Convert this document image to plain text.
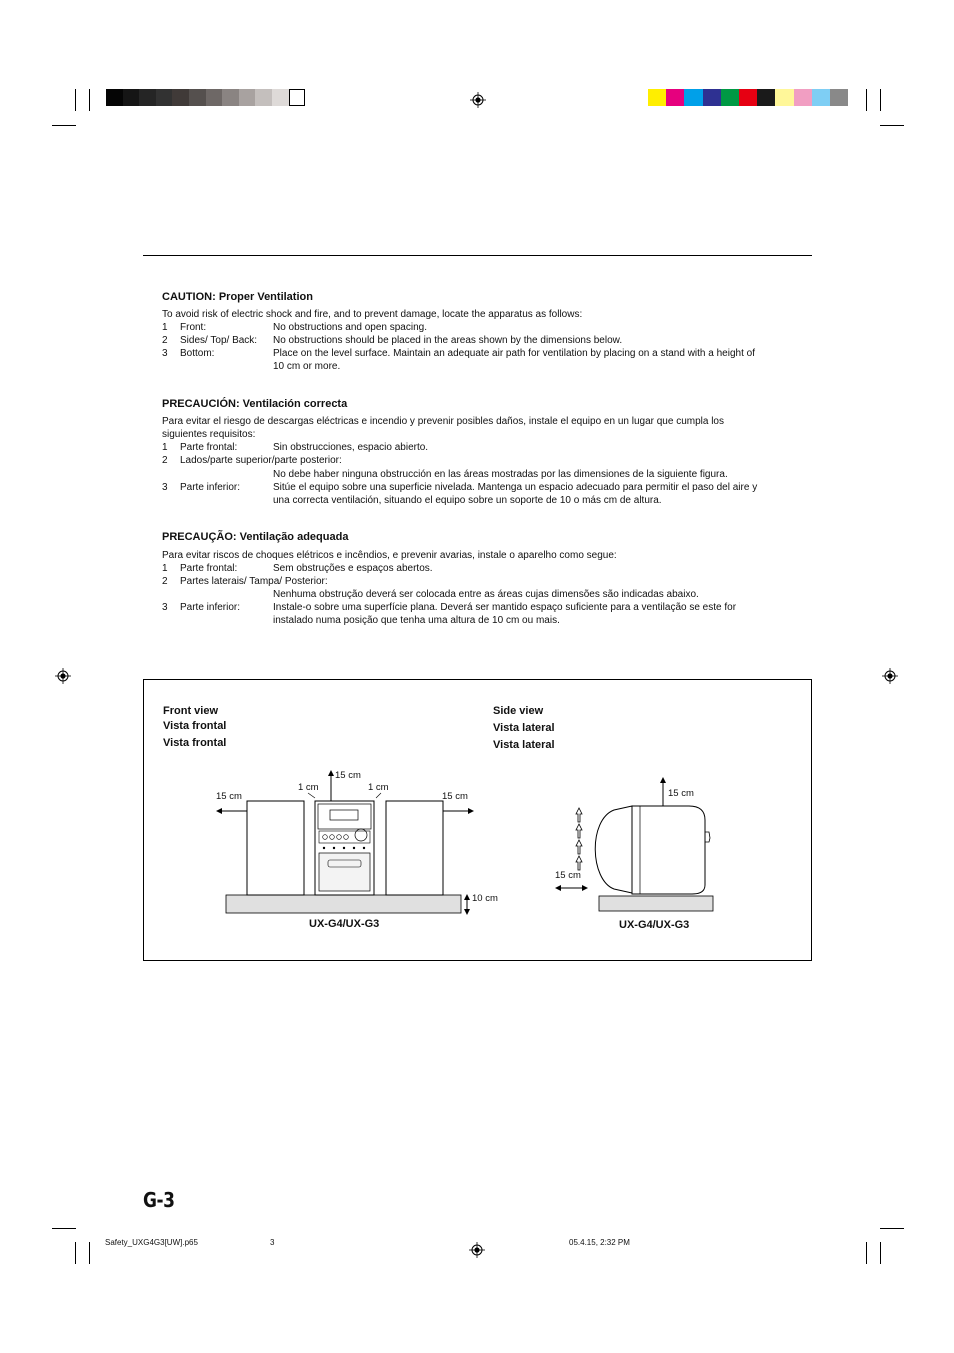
CAUTION: Proper Ventilation
To avoid risk of electric shock and fire, and to prevent damage, locate the apparatus as follows:
1 Front:	No obstructions and open spacing.
2 Sides/ Top/ Back: No obstructions should be placed in the areas shown by the dimensions below.
3 Bottom:	Place on the level surface. Maintain an adequate air path for ventilation by placing on a stand with a height of
10 cm or more.
PRECAUCIÓN: Ventilación correcta
Para evitar el riesgo de descargas eléctricas e incendio y prevenir posibles daños, instale el equipo en un lugar que cumpla los
siguientes requisitos:
1 Parte frontal:	Sin obstrucciones, espacio abierto.
2 Lados/parte superior/parte posterior:
No debe haber ninguna obstrucción en las áreas mostradas por las dimensiones de la siguiente figura.
3 Parte inferior:	Sitúe el equipo sobre una superficie nivelada. Mantenga un espacio adecuado para permitir el paso del aire y
una correcta ventilación, situando el equipo sobre un soporte de 10 o más cm de altura.
PRECAUÇÃO: Ventilação adequada
Para evitar riscos de choques elétricos e incêndios, e prevenir avarias, instale o aparelho como segue:
1 Parte frontal:	Sem obstruções e espaços abertos.
2 Partes laterais/ Tampa/ Posterior:
Nenhuma obstrução deverá ser colocada entre as áreas cujas dimensões são indicadas abaixo.
3 Parte inferior:	Instale-o sobre uma superfície plana. Deverá ser mantido espaço suficiente para a ventilação se este for
instalado numa posição que tenha uma altura de 10 cm ou mais.
Front view
Vista frontal
Vista frontal
Side view
Vista lateral
Vista lateral
15 cm
15 cm	15 cm
1 cm	1 cm
10 cm
UX-G4/UX-G3
15 cm
15 cm
UX-G4/UX-G3
G-3
Safety_UXG4G3[UW].p65	3	05.4.15, 2:32 PM
